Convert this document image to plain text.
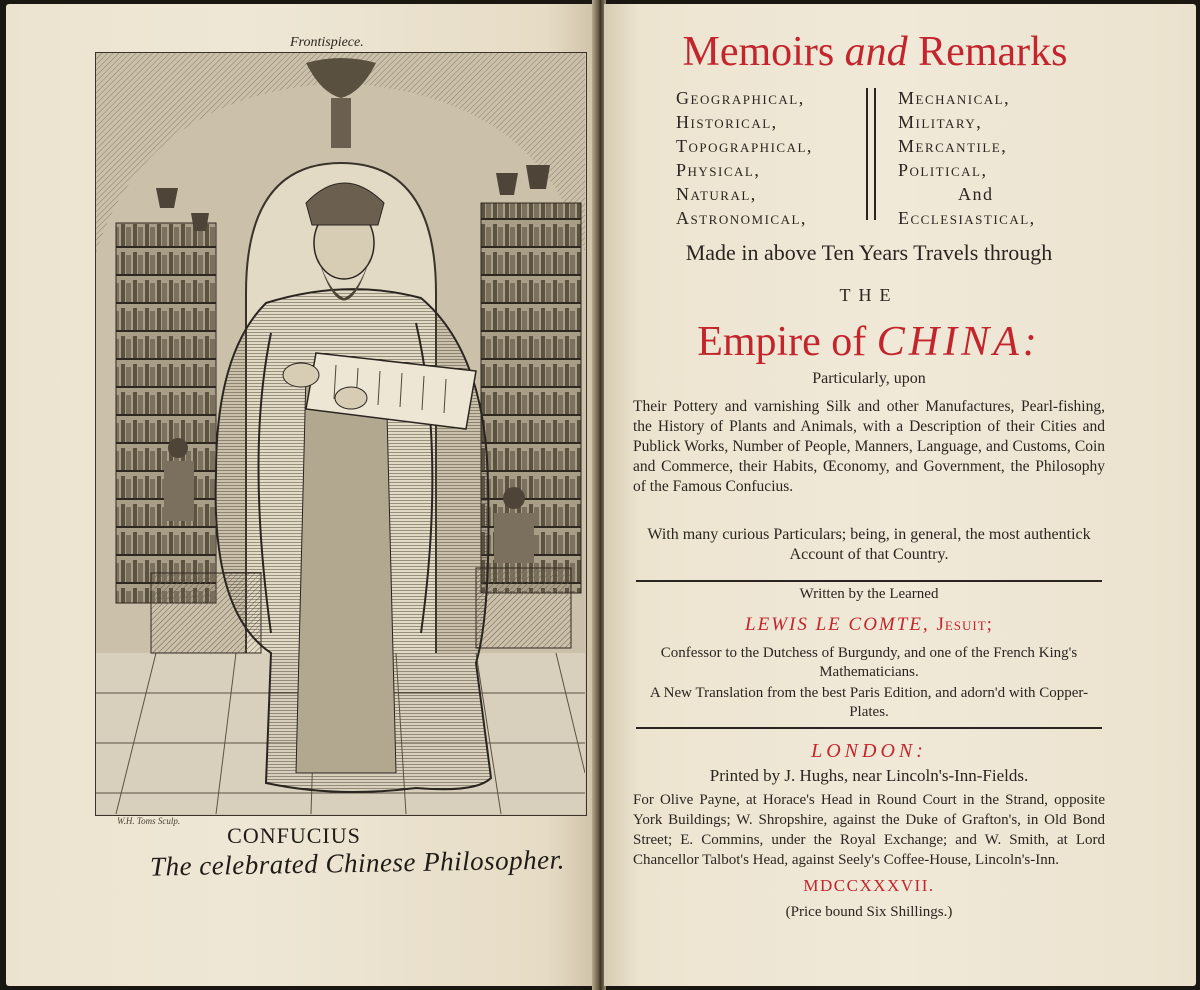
Frontispiece.
W.H. Toms Sculp.
CONFUCIUS
The celebrated Chinese Philosopher.
Memoirs and Remarks
Geographical,
Historical,
Topographical,
Physical,
Natural,
Astronomical,
Mechanical,
Military,
Mercantile,
Political,
And
Ecclesiastical,
Made in above Ten Years Travels through
THE
Empire of CHINA:
Particularly, upon
Their Pottery and varnishing Silk and other Manufactures, Pearl-fishing, the History of Plants and Animals, with a Description of their Cities and Publick Works, Number of People, Manners, Language, and Customs, Coin and Commerce, their Habits, Œconomy, and Government, the Philosophy of the Famous Confucius.
With many curious Particulars; being, in general, the most authentick Account of that Country.
Written by the Learned
LEWIS LE COMTE, Jesuit;
Confessor to the Dutchess of Burgundy, and one of the French King's Mathematicians.
A New Translation from the best Paris Edition, and adorn'd with Copper-Plates.
LONDON:
Printed by J. Hughs, near Lincoln's-Inn-Fields.
For Olive Payne, at Horace's Head in Round Court in the Strand, opposite York Buildings; W. Shropshire, against the Duke of Grafton's, in Old Bond Street; E. Commins, under the Royal Exchange; and W. Smith, at Lord Chancellor Talbot's Head, against Seely's Coffee-House, Lincoln's-Inn.
MDCCXXXVII.
(Price bound Six Shillings.)
